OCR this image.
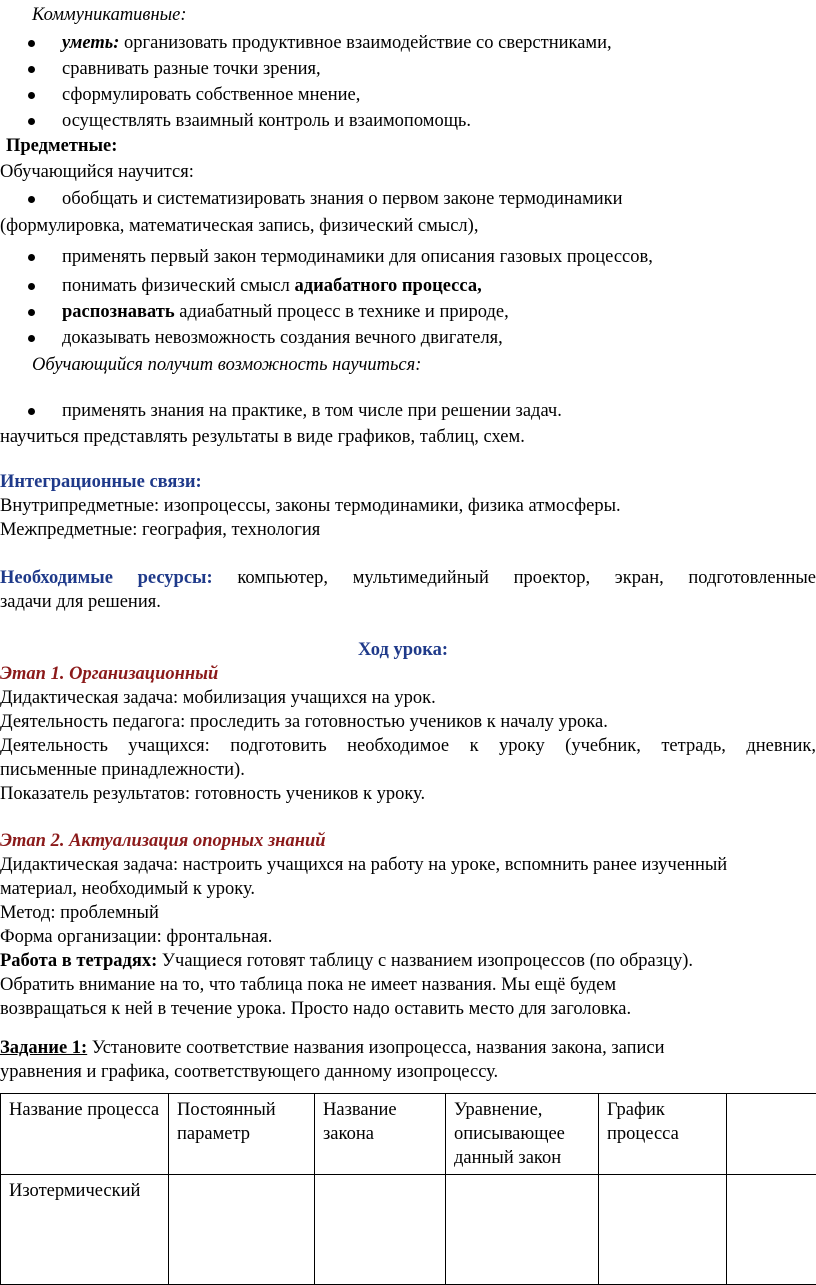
Коммуникативные:
уметь: организовать продуктивное взаимодействие со сверстниками,
сравнивать разные точки зрения,
сформулировать собственное мнение,
осуществлять взаимный контроль и взаимопомощь.
Предметные:
Обучающийся научится:
обобщать и систематизировать знания о первом законе термодинамики
(формулировка, математическая запись, физический смысл),
применять первый закон термодинамики для описания газовых процессов,
понимать физический смысл адиабатного процесса,
распознавать адиабатный процесс в технике и природе,
доказывать невозможность создания вечного двигателя,
Обучающийся получит возможность научиться:
применять знания на практике, в том числе при решении задач.
научиться представлять результаты в виде графиков, таблиц, схем.
Интеграционные связи:
Внутрипредметные: изопроцессы, законы термодинамики, физика атмосферы.
Межпредметные: география, технология
Необходимые ресурсы: компьютер, мультимедийный проектор, экран, подготовленные
задачи для решения.
Ход урока:
Этап 1. Организационный
Дидактическая задача: мобилизация учащихся на урок.
Деятельность педагога: проследить за готовностью учеников к началу урока.
Деятельность учащихся: подготовить необходимое к уроку (учебник, тетрадь, дневник,
письменные принадлежности).
Показатель результатов: готовность учеников к уроку.
Этап 2. Актуализация опорных знаний
Дидактическая задача: настроить учащихся на работу на уроке, вспомнить ранее изученный
материал, необходимый к уроку.
Метод: проблемный
Форма организации: фронтальная.
Работа в тетрадях: Учащиеся готовят таблицу с названием изопроцессов (по образцу).
Обратить внимание на то, что таблица пока не имеет названия. Мы ещё будем
возвращаться к ней в течение урока. Просто надо оставить место для заголовка.
Задание 1: Установите соответствие названия изопроцесса, названия закона, записи
уравнения и графика, соответствующего данному изопроцессу.
Название процесса	Постоянный параметр	Название закона	Уравнение, описывающее данный закон	График процесса	
Изотермический					
